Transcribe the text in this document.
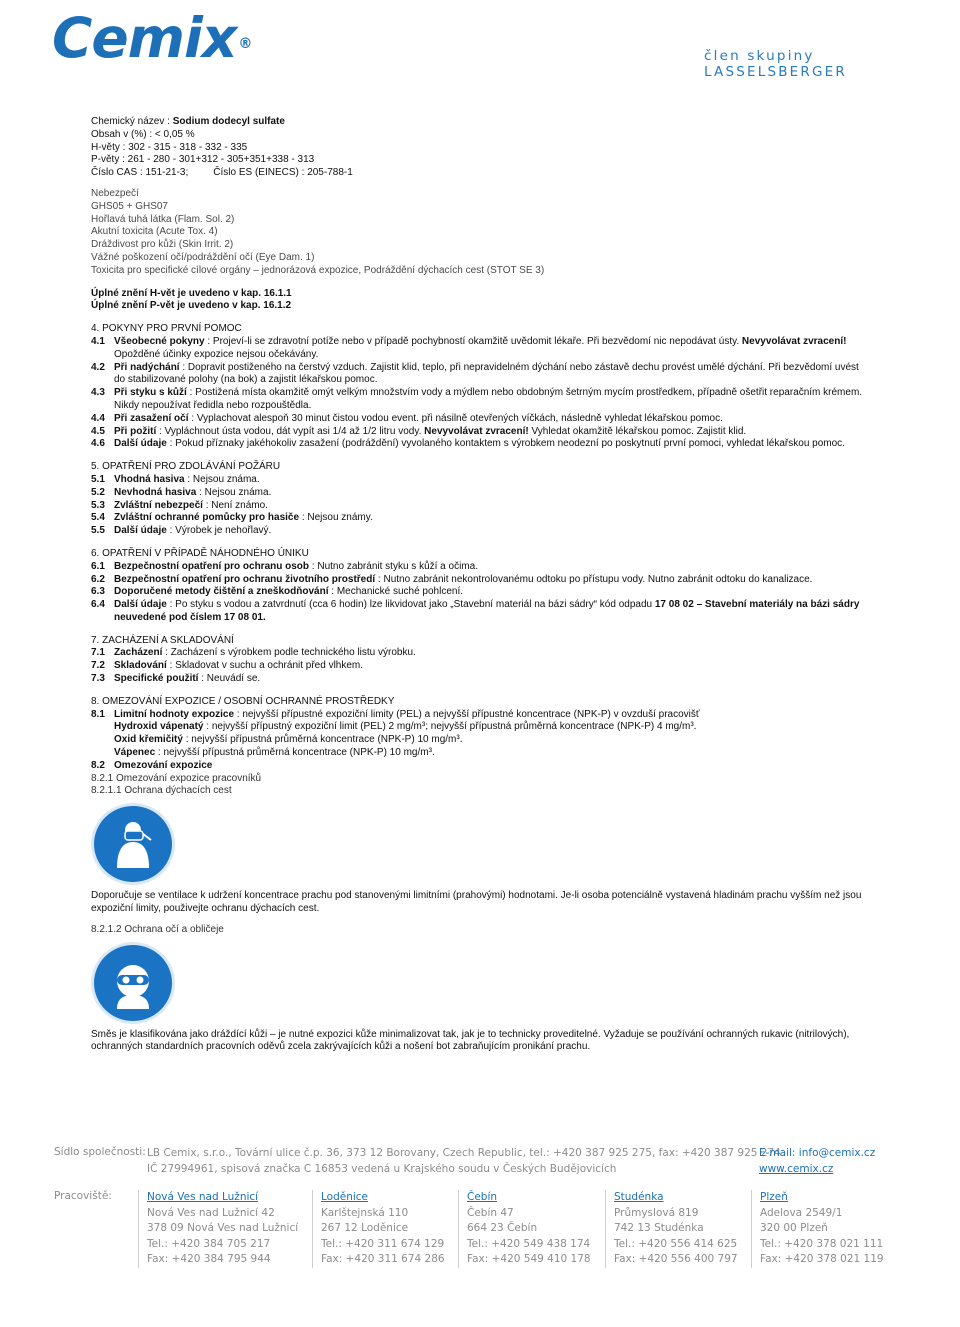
Cemix ®
člen skupiny LASSELSBERGER

Chemický název : Sodium dodecyl sulfate

Obsah v (%) : < 0,05 %

H-věty : 302 - 315 - 318 - 332 - 335

P-věty : 261 - 280 - 301+312 - 305+351+338 - 313

Číslo CAS : 151-21-3;	Číslo ES (EINECS) : 205-788-1

Nebezpečí

GHS05 + GHS07

Hořlavá tuhá látka (Flam. Sol. 2)

Akutní toxicita (Acute Tox. 4)

Dráždivost pro kůži (Skin Irrit. 2)

Vážné poškození očí/podráždění očí (Eye Dam. 1)

Toxicita pro specifické cílové orgány – jednorázová expozice, Podráždění dýchacích cest (STOT SE 3)

Úplné znění H-vět je uvedeno v kap. 16.1.1

Úplné znění P-vět je uvedeno v kap. 16.1.2

4. POKYNY PRO PRVNÍ POMOC

4.1 Všeobecné pokyny : Projeví-li se zdravotní potíže nebo v případě pochybností okamžitě uvědomit lékaře. Při bezvědomí nic nepodávat ústy. Nevyvolávat zvracení! Opožděné účinky expozice nejsou očekávány.
4.2 Při nadýchání : Dopravit postiženého na čerstvý vzduch. Zajistit klid, teplo, při nepravidelném dýchání nebo zástavě dechu provést umělé dýchání. Při bezvědomí uvést do stabilizované polohy (na bok) a zajistit lékařskou pomoc.
4.3 Při styku s kůží : Postižená místa okamžitě omýt velkým množstvím vody a mýdlem nebo obdobným šetrným mycím prostředkem, případně ošetřit reparačním krémem. Nikdy nepoužívat ředidla nebo rozpouštědla.
4.4 Při zasažení očí : Vyplachovat alespoň 30 minut čistou vodou event. při násilně otevřených víčkách, následně vyhledat lékařskou pomoc.
4.5 Při požití : Vypláchnout ústa vodou, dát vypít asi 1/4 až 1/2 litru vody. Nevyvolávat zvracení! Vyhledat okamžitě lékařskou pomoc. Zajistit klid.
4.6 Další údaje : Pokud příznaky jakéhokoliv zasažení (podráždění) vyvolaného kontaktem s výrobkem neodezní po poskytnutí první pomoci, vyhledat lékařskou pomoc.

5. OPATŘENÍ PRO ZDOLÁVÁNÍ POŽÁRU

5.1 Vhodná hasiva : Nejsou známa.
5.2 Nevhodná hasiva : Nejsou známa.
5.3 Zvláštní nebezpečí : Není známo.
5.4 Zvláštní ochranné pomůcky pro hasiče : Nejsou známy.
5.5 Další údaje : Výrobek je nehořlavý.

6. OPATŘENÍ V PŘÍPADĚ NÁHODNÉHO ÚNIKU

6.1 Bezpečnostní opatření pro ochranu osob : Nutno zabránit styku s kůží a očima.
6.2 Bezpečnostní opatření pro ochranu životního prostředí : Nutno zabránit nekontrolovanému odtoku po přístupu vody. Nutno zabránit odtoku do kanalizace.
6.3 Doporučené metody čištění a zneškodňování : Mechanické suché pohlcení.
6.4 Další údaje : Po styku s vodou a zatvrdnutí (cca 6 hodin) lze likvidovat jako „Stavební materiál na bázi sádry“ kód odpadu 17 08 02 – Stavební materiály na bázi sádry neuvedené pod číslem 17 08 01.

7. ZACHÁZENÍ A SKLADOVÁNÍ

7.1 Zacházení : Zacházení s výrobkem podle technického listu výrobku.
7.2 Skladování : Skladovat v suchu a ochránit před vlhkem.
7.3 Specifické použití : Neuvádí se.

8. OMEZOVÁNÍ EXPOZICE / OSOBNÍ OCHRANNÉ PROSTŘEDKY

8.1 Limitní hodnoty expozice : nejvyšší přípustné expoziční limity (PEL) a nejvyšší přípustné koncentrace (NPK-P) v ovzduší pracovišť

Hydroxid vápenatý : nejvyšší přípustný expoziční limit (PEL) 2 mg/m³; nejvyšší přípustná průměrná koncentrace (NPK-P) 4 mg/m³.

Oxid křemičitý : nejvyšší přípustná průměrná koncentrace (NPK-P) 10 mg/m³.

Vápenec : nejvyšší přípustná průměrná koncentrace (NPK-P) 10 mg/m³.

8.2 Omezování expozice

8.2.1 Omezování expozice pracovníků

8.2.1.1 Ochrana dýchacích cest

Doporučuje se ventilace k udržení koncentrace prachu pod stanovenými limitními (prahovými) hodnotami. Je-li osoba potenciálně vystavená hladinám prachu vyšším než jsou expoziční limity, použivejte ochranu dýchacích cest.

8.2.1.2 Ochrana očí a obličeje

Směs je klasifikována jako dráždící kůži – je nutné expozici kůže minimalizovat tak, jak je to technicky proveditelné. Vyžaduje se používání ochranných rukavic (nitrilových), ochranných standardních pracovních oděvů zcela zakrývajících kůži a nošení bot zabraňujícím pronikání prachu.

Sídlo společnosti: LB Cemix, s.r.o., Tovární ulice č.p. 36, 373 12 Borovany, Czech Republic, tel.: +420 387 925 275, fax: +420 387 925 274
IČ 27994961, spisová značka C 16853 vedená u Krajského soudu v Českých Budějovicích
E-mail: info@cemix.cz
www.cemix.cz
Pracoviště:	Nová Ves nad Lužnicí
Nová Ves nad Lužnicí 42
378 09 Nová Ves nad Lužnicí
Tel.: +420 384 705 217
Fax: +420 384 795 944
Loděnice
Karlštejnská 110
267 12 Loděnice
Tel.: +420 311 674 129
Fax: +420 311 674 286
Čebín
Čebín 47
664 23 Čebín
Tel.: +420 549 438 174
Fax: +420 549 410 178
Studénka
Průmyslová 819
742 13 Studénka
Tel.: +420 556 414 625
Fax: +420 556 400 797
Plzeň
Adelova 2549/1
320 00 Plzeň
Tel.: +420 378 021 111
Fax: +420 378 021 119
